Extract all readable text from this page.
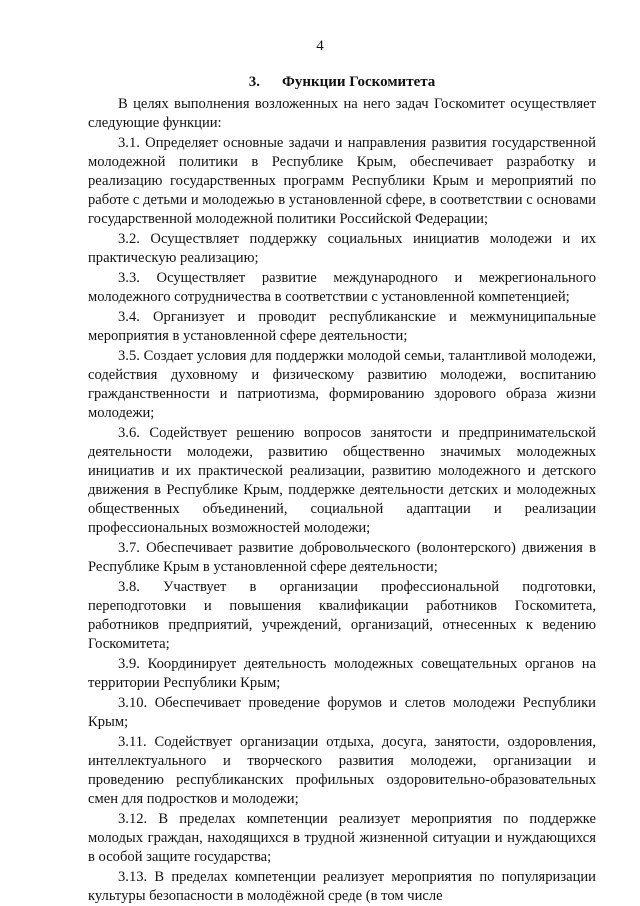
4
3. Функции Госкомитета

В целях выполнения возложенных на него задач Госкомитет осуществляет следующие функции:

3.1. Определяет основные задачи и направления развития государственной молодежной политики в Республике Крым, обеспечивает разработку и реализацию государственных программ Республики Крым и мероприятий по работе с детьми и молодежью в установленной сфере, в соответствии с основами государственной молодежной политики Российской Федерации;

3.2. Осуществляет поддержку социальных инициатив молодежи и их практическую реализацию;

3.3. Осуществляет развитие международного и межрегионального молодежного сотрудничества в соответствии с установленной компетенцией;

3.4. Организует и проводит республиканские и межмуниципальные мероприятия в установленной сфере деятельности;

3.5. Создает условия для поддержки молодой семьи, талантливой молодежи, содействия духовному и физическому развитию молодежи, воспитанию гражданственности и патриотизма, формированию здорового образа жизни молодежи;

3.6. Содействует решению вопросов занятости и предпринимательской деятельности молодежи, развитию общественно значимых молодежных инициатив и их практической реализации, развитию молодежного и детского движения в Республике Крым, поддержке деятельности детских и молодежных общественных объединений, социальной адаптации и реализации профессиональных возможностей молодежи;

3.7. Обеспечивает развитие добровольческого (волонтерского) движения в Республике Крым в установленной сфере деятельности;

3.8. Участвует в организации профессиональной подготовки, переподготовки и повышения квалификации работников Госкомитета, работников предприятий, учреждений, организаций, отнесенных к ведению Госкомитета;

3.9. Координирует деятельность молодежных совещательных органов на территории Республики Крым;

3.10. Обеспечивает проведение форумов и слетов молодежи Республики Крым;

3.11. Содействует организации отдыха, досуга, занятости, оздоровления, интеллектуального и творческого развития молодежи, организации и проведению республиканских профильных оздоровительно-образовательных смен для подростков и молодежи;

3.12. В пределах компетенции реализует мероприятия по поддержке молодых граждан, находящихся в трудной жизненной ситуации и нуждающихся в особой защите государства;

3.13. В пределах компетенции реализует мероприятия по популяризации культуры безопасности в молодёжной среде (в том числе
